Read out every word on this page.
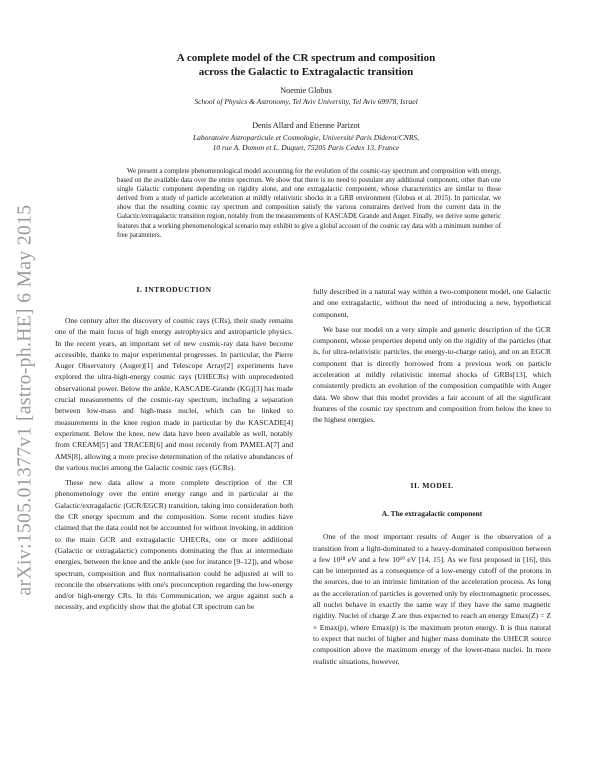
arXiv:1505.01377v1 [astro-ph.HE] 6 May 2015
A complete model of the CR spectrum and composition
across the Galactic to Extragalactic transition
Noemie Globus
School of Physics & Astronomy, Tel Aviv University, Tel Aviv 69978, Israel
Denis Allard and Etienne Parizot
Laboratoire Astroparticule et Cosmologie, Université Paris Diderot/CNRS,
10 rue A. Domon et L. Duquet, 75205 Paris Cedex 13, France
We present a complete phenomenological model accounting for the evolution of the cosmic-ray spectrum and composition with energy, based on the available data over the entire spectrum. We show that there is no need to postulate any additional component, other than one single Galactic component depending on rigidity alone, and one extragalactic component, whose characteristics are similar to those derived from a study of particle acceleration at mildly relativistic shocks in a GRB environment (Globus et al. 2015). In particular, we show that the resulting cosmic ray spectrum and composition satisfy the various constraints derived from the current data in the Galactic/extragalactic transition region, notably from the measurements of KASCADE Grande and Auger. Finally, we derive some generic features that a working phenomenological scenario may exhibit to give a global account of the cosmic ray data with a minimum number of free parameters.
I. INTRODUCTION

One century after the discovery of cosmic rays (CRs), their study remains one of the main focus of high energy astrophysics and astroparticle physics. In the recent years, an important set of new cosmic-ray data have become accessible, thanks to major experimental progresses. In particular, the Pierre Auger Observatory (Auger)[1] and Telescope Array[2] experiments have explored the ultra-high-energy cosmic rays (UHECRs) with unprecedented observational power. Below the ankle, KASCADE-Grande (KG)[3] has made crucial measurements of the cosmic-ray spectrum, including a separation between low-mass and high-mass nuclei, which can be linked to measurements in the knee region made in particular by the KASCADE[4] experiment. Below the knee, new data have been available as well, notably from CREAM[5] and TRACER[6] and most recently from PAMELA[7] and AMS[8], allowing a more precise determination of the relative abundances of the various nuclei among the Galactic cosmic rays (GCRs).

These new data allow a more complete description of the CR phenomenology over the entire energy range and in particular at the Galactic/extragalactic (GCR/EGCR) transition, taking into consideration both the CR energy spectrum and the composition. Some recent studies have claimed that the data could not be accounted for without invoking, in addition to the main GCR and extragalactic UHECRs, one or more additional (Galactic or extragalactic) components dominating the flux at intermediate energies, between the knee and the ankle (see for instance [9–12]), and whose spectrum, composition and flux normalisation could be adjusted at will to reconcile the observations with one's preconception regarding the low-energy and/or high-energy CRs. In this Communication, we argue against such a necessity, and explicitly show that the global CR spectrum can be

fully described in a natural way within a two-component model, one Galactic and one extragalactic, without the need of introducing a new, hypothetical component.

We base our model on a very simple and generic description of the GCR component, whose properties depend only on the rigidity of the particles (that is, for ultra-relativistic particles, the energy-to-charge ratio), and on an EGCR component that is directly borrowed from a previous work on particle acceleration at mildly relativistic internal shocks of GRBs[13], which consistently predicts an evolution of the composition compatible with Auger data. We show that this model provides a fair account of all the significant features of the cosmic ray spectrum and composition from below the knee to the highest energies.

II. MODEL
A. The extragalactic component

One of the most important results of Auger is the observation of a transition from a light-dominated to a heavy-dominated composition between a few 10¹⁸ eV and a few 10¹⁹ eV [14, 15]. As we first proposed in [16], this can be interpreted as a consequence of a low-energy cutoff of the protons in the sources, due to an intrinsic limitation of the acceleration process. As long as the acceleration of particles is governed only by electromagnetic processes, all nuclei behave in exactly the same way if they have the same magnetic rigidity. Nuclei of charge Z are thus expected to reach an energy Emax(Z) = Z × Emax(p), where Emax(p) is the maximum proton energy. It is thus natural to expect that nuclei of higher and higher mass dominate the UHECR source composition above the maximum energy of the lower-mass nuclei. In more realistic situations, however,
